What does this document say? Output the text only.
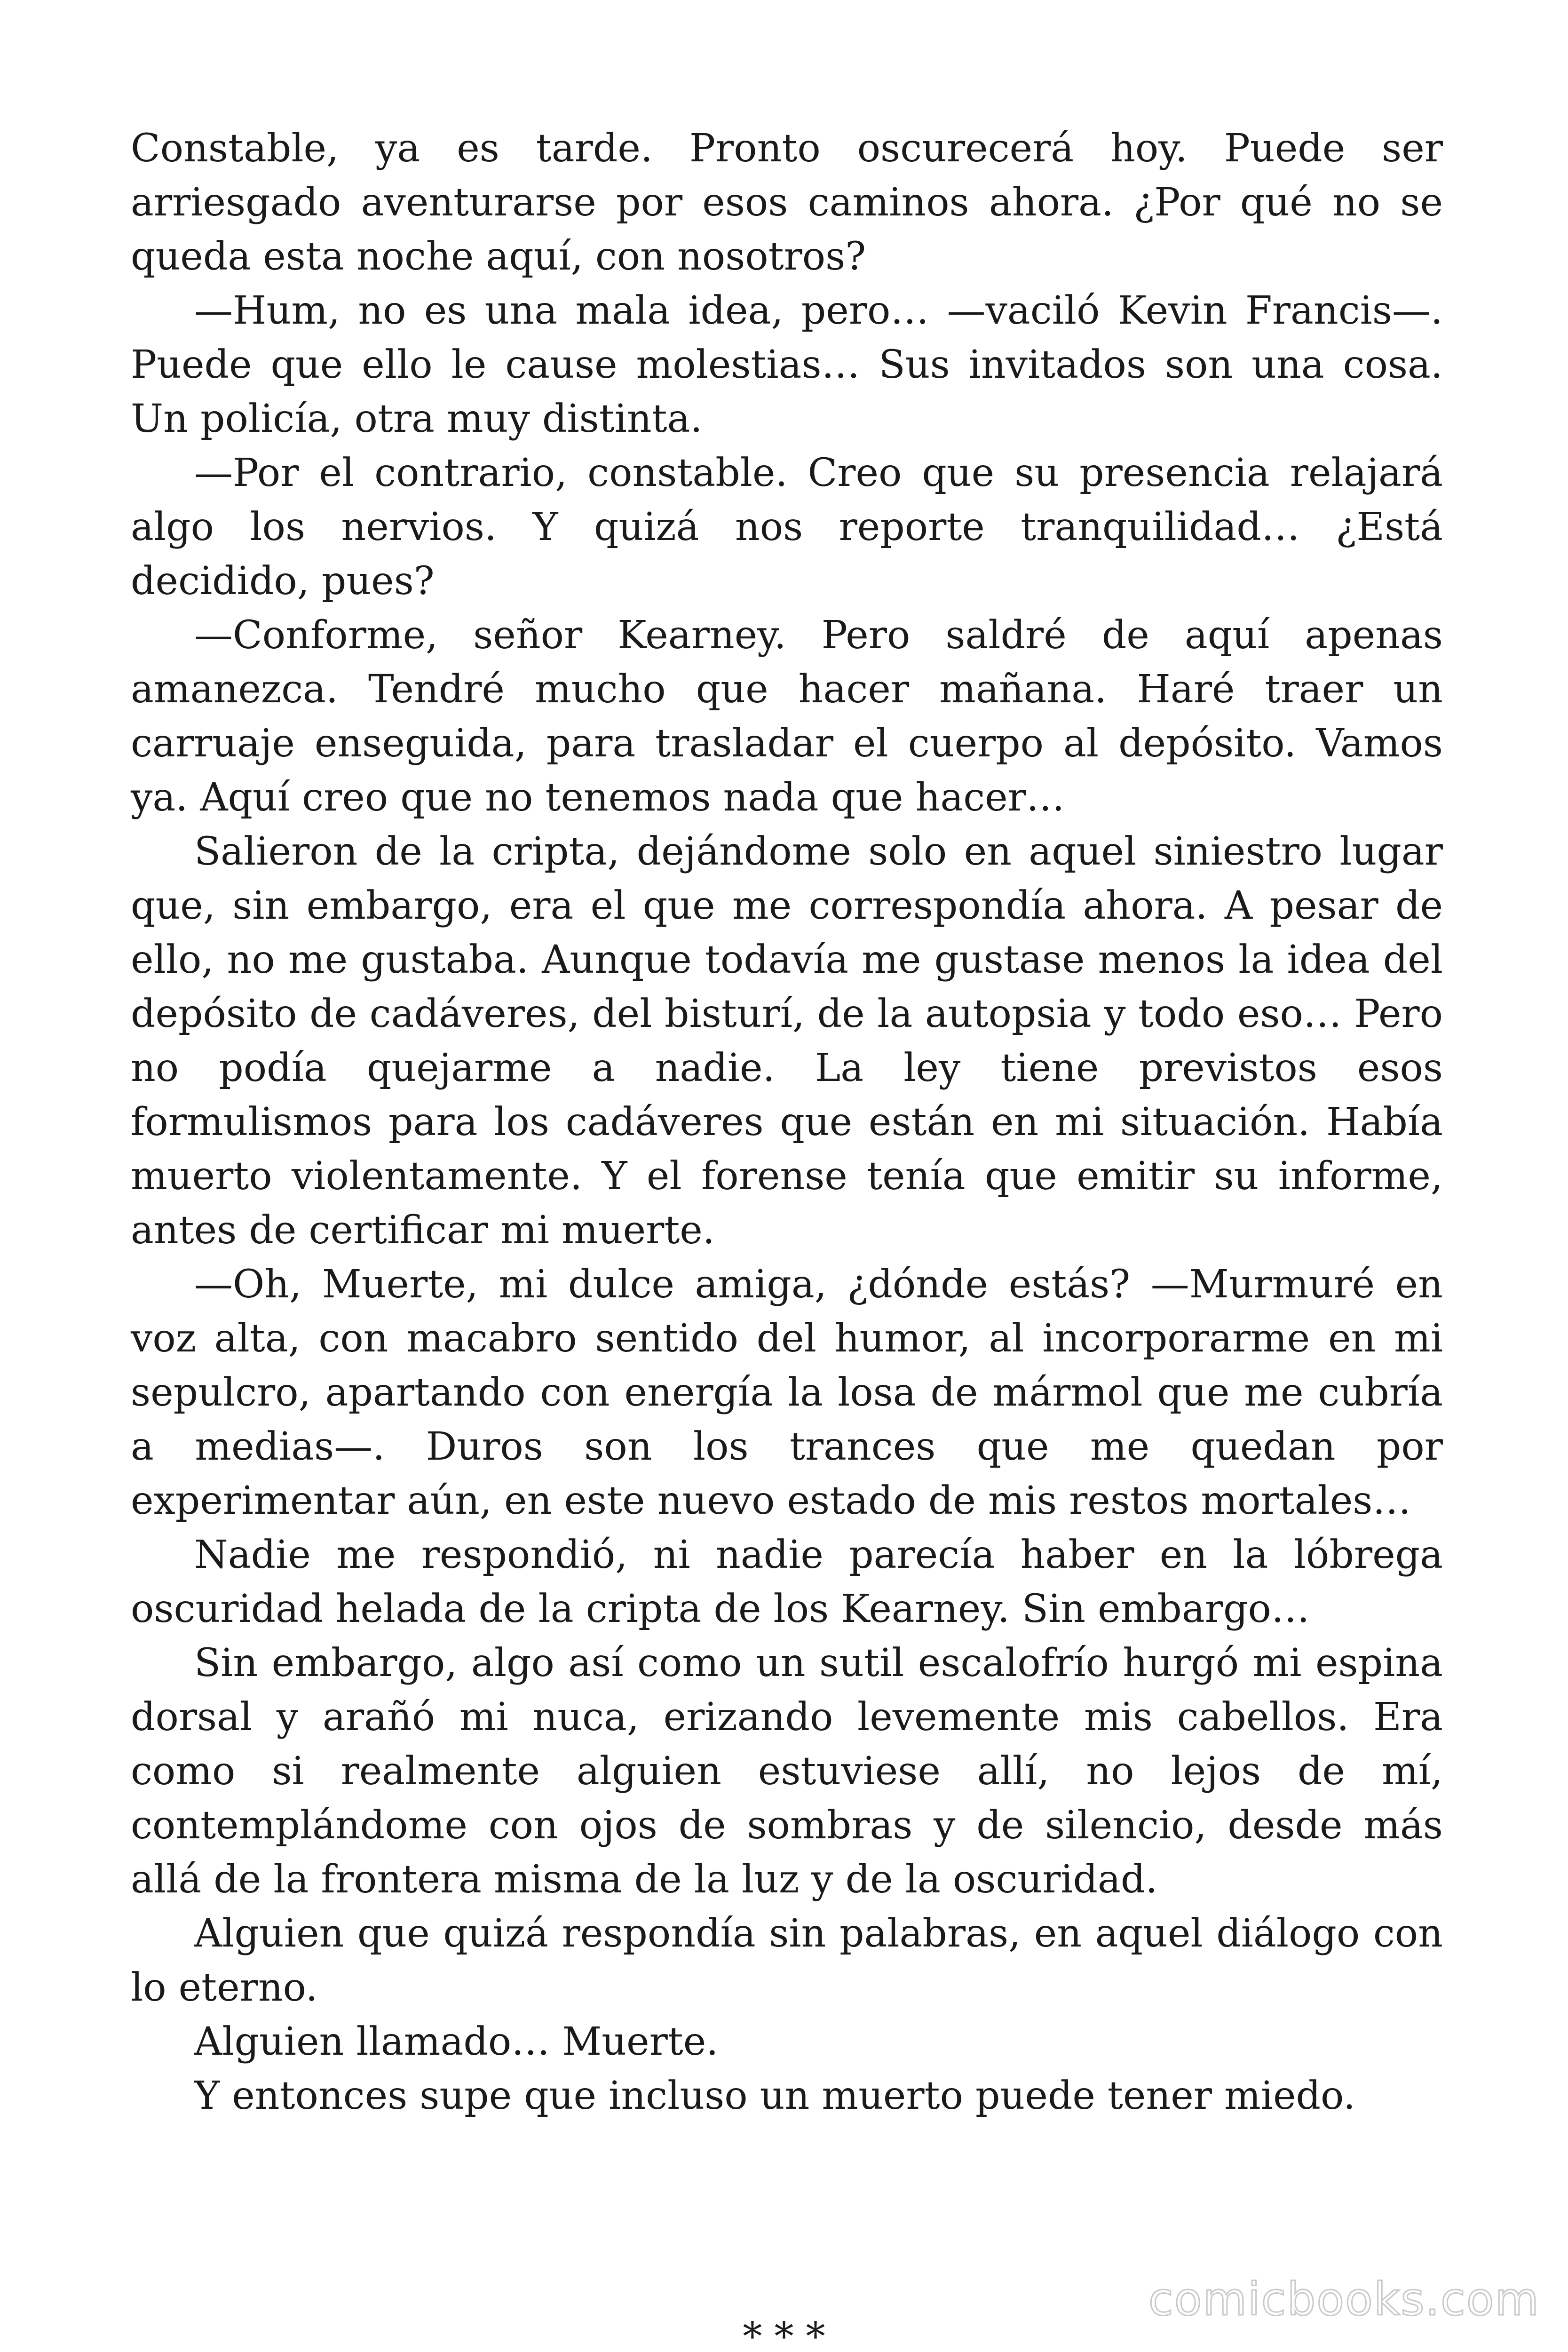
Constable, ya es tarde. Pronto oscurecerá hoy. Puede ser arriesgado aventurarse por esos caminos ahora. ¿Por qué no se queda esta noche aquí, con nosotros?

—Hum, no es una mala idea, pero… —vaciló Kevin Francis—. Puede que ello le cause molestias… Sus invitados son una cosa. Un policía, otra muy distinta.

—Por el contrario, constable. Creo que su presencia relajará algo los nervios. Y quizá nos reporte tranquilidad… ¿Está decidido, pues?

—Conforme, señor Kearney. Pero saldré de aquí apenas amanezca. Tendré mucho que hacer mañana. Haré traer un carruaje enseguida, para trasladar el cuerpo al depósito. Vamos ya. Aquí creo que no tenemos nada que hacer…

Salieron de la cripta, dejándome solo en aquel siniestro lugar que, sin embargo, era el que me correspondía ahora. A pesar de ello, no me gustaba. Aunque todavía me gustase menos la idea del depósito de cadáveres, del bisturí, de la autopsia y todo eso… Pero no podía quejarme a nadie. La ley tiene previstos esos formulismos para los cadáveres que están en mi situación. Había muerto violentamente. Y el forense tenía que emitir su informe, antes de certificar mi muerte.

—Oh, Muerte, mi dulce amiga, ¿dónde estás? —Murmuré en voz alta, con macabro sentido del humor, al incorporarme en mi sepulcro, apartando con energía la losa de mármol que me cubría a medias—. Duros son los trances que me quedan por experimentar aún, en este nuevo estado de mis restos mortales…

Nadie me respondió, ni nadie parecía haber en la lóbrega oscuridad helada de la cripta de los Kearney. Sin embargo…

Sin embargo, algo así como un sutil escalofrío hurgó mi espina dorsal y arañó mi nuca, erizando levemente mis cabellos. Era como si realmente alguien estuviese allí, no lejos de mí, contemplándome con ojos de sombras y de silencio, desde más allá de la frontera misma de la luz y de la oscuridad.

Alguien que quizá respondía sin palabras, en aquel diálogo con lo eterno.

Alguien llamado… Muerte.

Y entonces supe que incluso un muerto puede tener miedo.

* * *
comicbooks.com
